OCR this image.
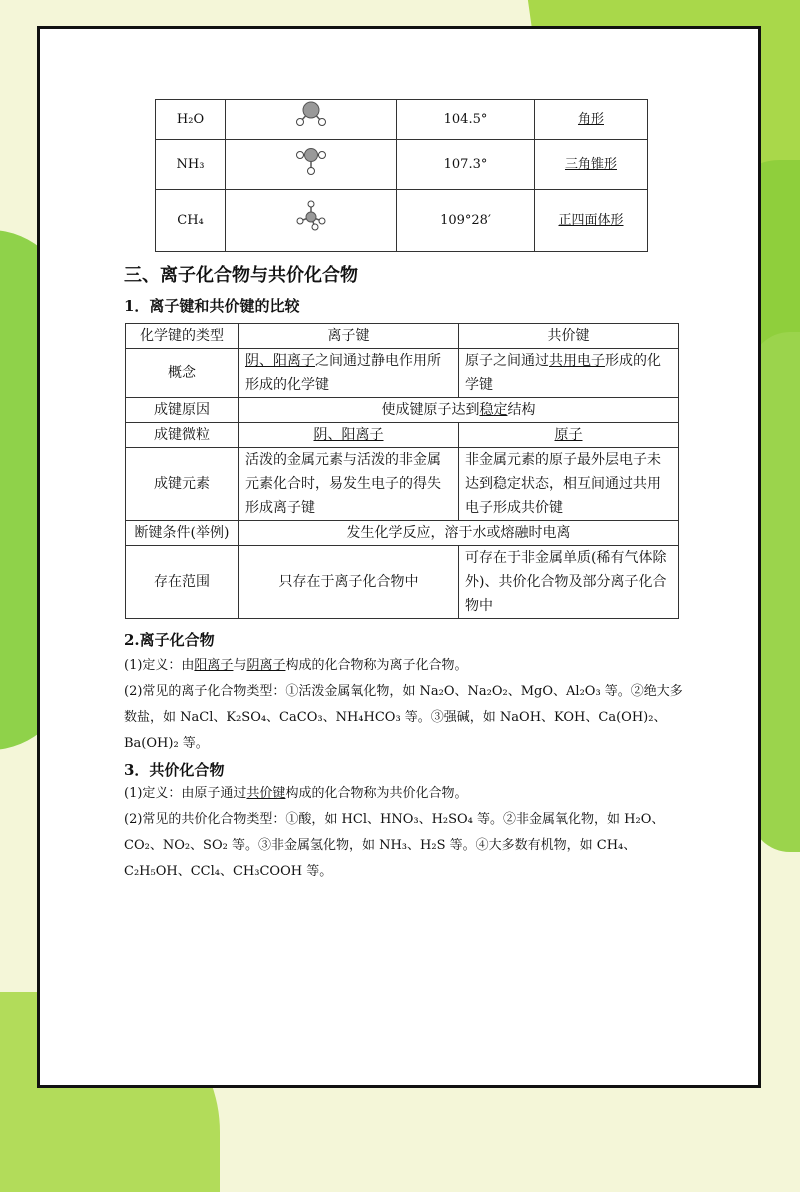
H₂O		104.5°	角形
NH₃		107.3°	三角锥形
CH₄		109°28′	正四面体形
三、离子化合物与共价化合物
1．离子键和共价键的比较
化学键的类型	离子键	共价键
概念	阴、阳离子之间通过静电作用所形成的化学键	原子之间通过共用电子形成的化学键
成键原因	使成键原子达到稳定结构	
成键微粒	阴、阳离子	原子
成键元素	活泼的金属元素与活泼的非金属元素化合时，易发生电子的得失形成离子键	非金属元素的原子最外层电子未达到稳定状态，相互间通过共用电子形成共价键
断键条件(举例)	发生化学反应，溶于水或熔融时电离	
存在范围	只存在于离子化合物中	可存在于非金属单质(稀有气体除外)、共价化合物及部分离子化合物中
2.离子化合物
(1)定义：由阳离子与阴离子构成的化合物称为离子化合物。
(2)常见的离子化合物类型：①活泼金属氧化物，如 Na₂O、Na₂O₂、MgO、Al₂O₃ 等。②绝大多数盐，如 NaCl、K₂SO₄、CaCO₃、NH₄HCO₃ 等。③强碱，如 NaOH、KOH、Ca(OH)₂、Ba(OH)₂ 等。
3．共价化合物
(1)定义：由原子通过共价键构成的化合物称为共价化合物。
(2)常见的共价化合物类型：①酸，如 HCl、HNO₃、H₂SO₄ 等。②非金属氧化物，如 H₂O、CO₂、NO₂、SO₂ 等。③非金属氢化物，如 NH₃、H₂S 等。④大多数有机物，如 CH₄、C₂H₅OH、CCl₄、CH₃COOH 等。
